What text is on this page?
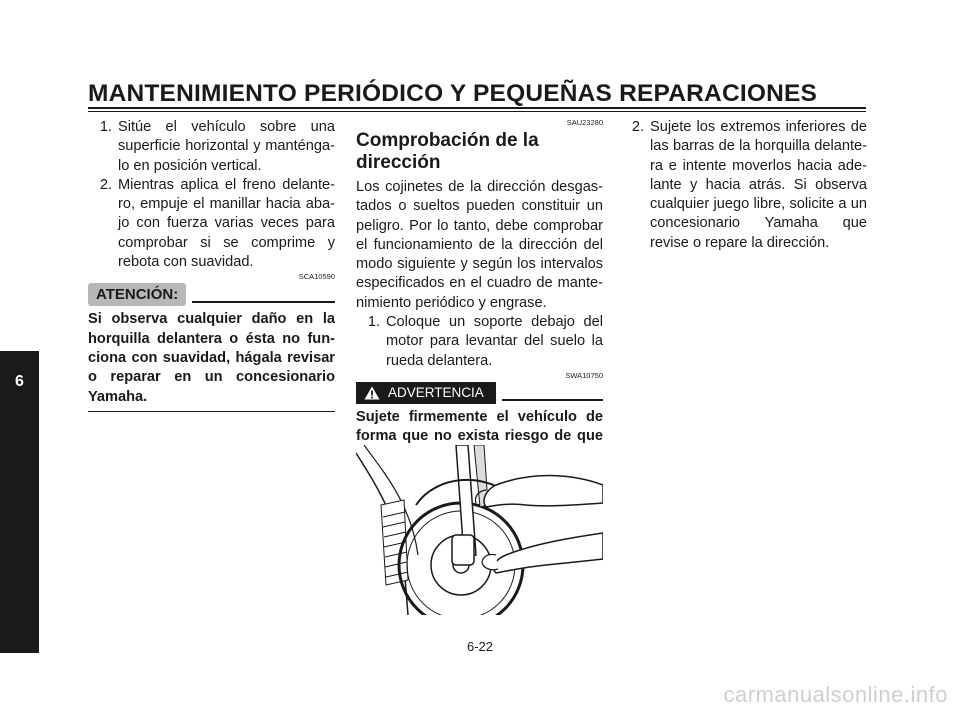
MANTENIMIENTO PERIÓDICO Y PEQUEÑAS REPARACIONES
1. Sitúe el vehículo sobre una superficie horizontal y manténga-lo en posición vertical.
2. Mientras aplica el freno delante-ro, empuje el manillar hacia aba-jo con fuerza varias veces para comprobar si se comprime y rebota con suavidad.
SCA10590
ATENCIÓN:
Si observa cualquier daño en la horquilla delantera o ésta no fun-ciona con suavidad, hágala revisar o reparar en un concesionario Yamaha.
SAU23280
Comprobación de la dirección
Los cojinetes de la dirección desgas-tados o sueltos pueden constituir un peligro. Por lo tanto, debe comprobar el funcionamiento de la dirección del modo siguiente y según los intervalos especificados en el cuadro de mante-nimiento periódico y engrase.
1. Coloque un soporte debajo del motor para levantar del suelo la rueda delantera.
SWA10750
ADVERTENCIA
Sujete firmemente el vehículo de forma que no exista riesgo de que
2. Sujete los extremos inferiores de las barras de la horquilla delante-ra e intente moverlos hacia ade-lante y hacia atrás. Si observa cualquier juego libre, solicite a un concesionario Yamaha que revise o repare la dirección.
6-22
6
carmanualsonline.info
